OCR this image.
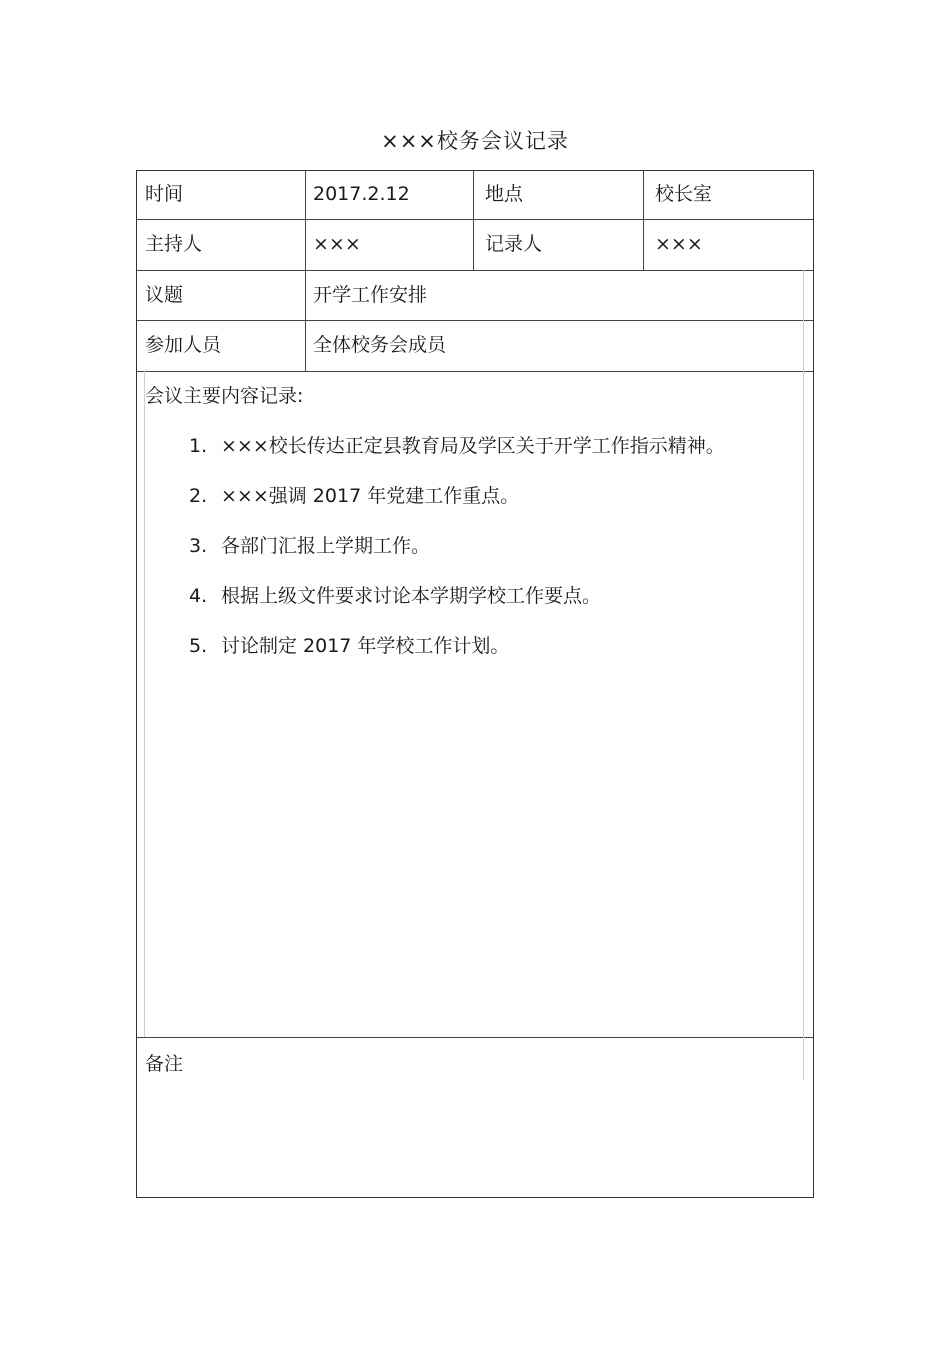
×××校务会议记录
时间	2017.2.12	地点	校长室
主持人	×××	记录人	×××
议题	开学工作安排
参加人员	全体校务会成员
会议主要内容记录:
1. ×××校长传达正定县教育局及学区关于开学工作指示精神。
2. ×××强调 2017 年党建工作重点。
3. 各部门汇报上学期工作。
4. 根据上级文件要求讨论本学期学校工作要点。
5. 讨论制定 2017 年学校工作计划。
备注
